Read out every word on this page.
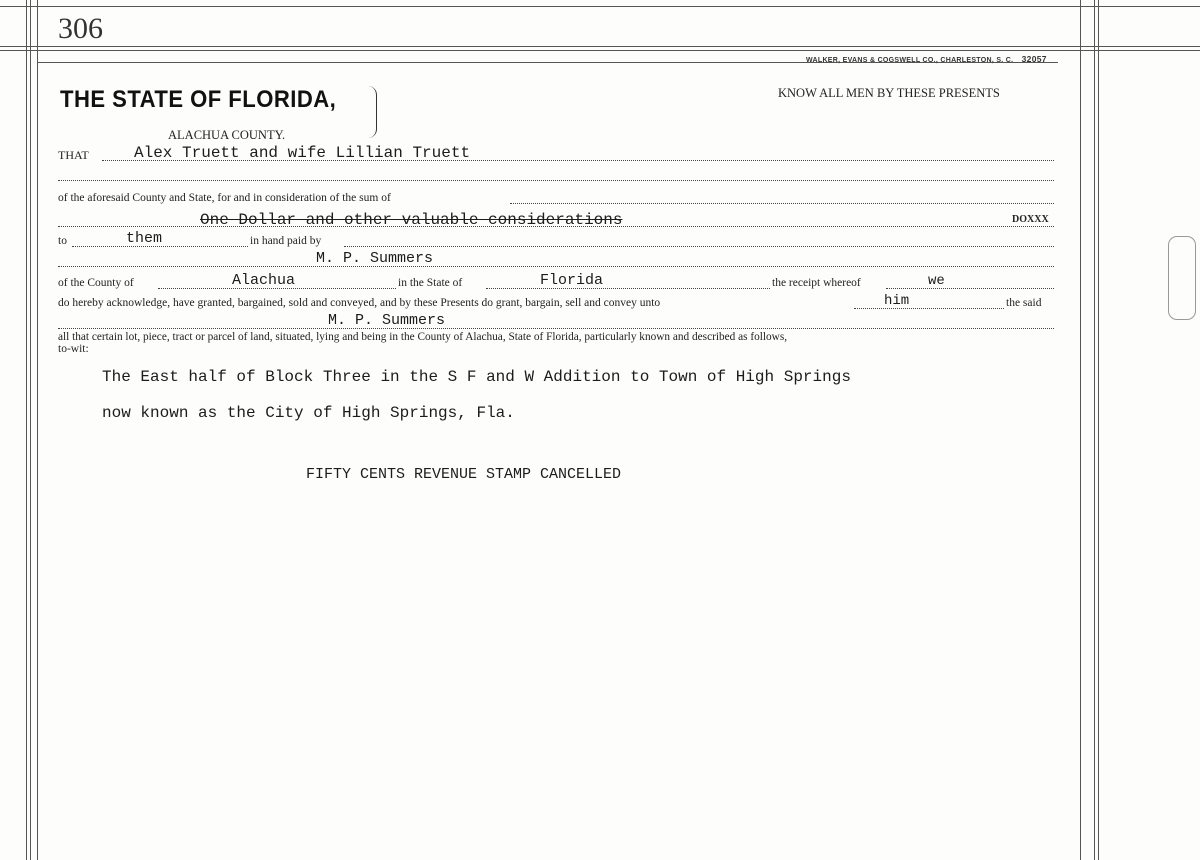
306
WALKER, EVANS & COGSWELL CO., CHARLESTON, S. C. 32057
THE STATE OF FLORIDA,
ALACHUA COUNTY.
KNOW ALL MEN BY THESE PRESENTS
THAT	Alex Truett and wife Lillian Truett
of the aforesaid County and State, for and in consideration of the sum of
One Dollar and other valuable considerations	DOXXX
to	them	in hand paid by
M. P. Summers
of the County of	Alachua	in the State of	Florida	the receipt whereof	we
do hereby acknowledge, have granted, bargained, sold and conveyed, and by these Presents do grant, bargain, sell and convey unto	him	the said
M. P. Summers
all that certain lot, piece, tract or parcel of land, situated, lying and being in the County of Alachua, State of Florida, particularly known and described as follows,
to-wit:
The East half of Block Three in the S F and W Addition to Town of High Springs
now known as the City of High Springs, Fla.
FIFTY CENTS REVENUE STAMP CANCELLED
